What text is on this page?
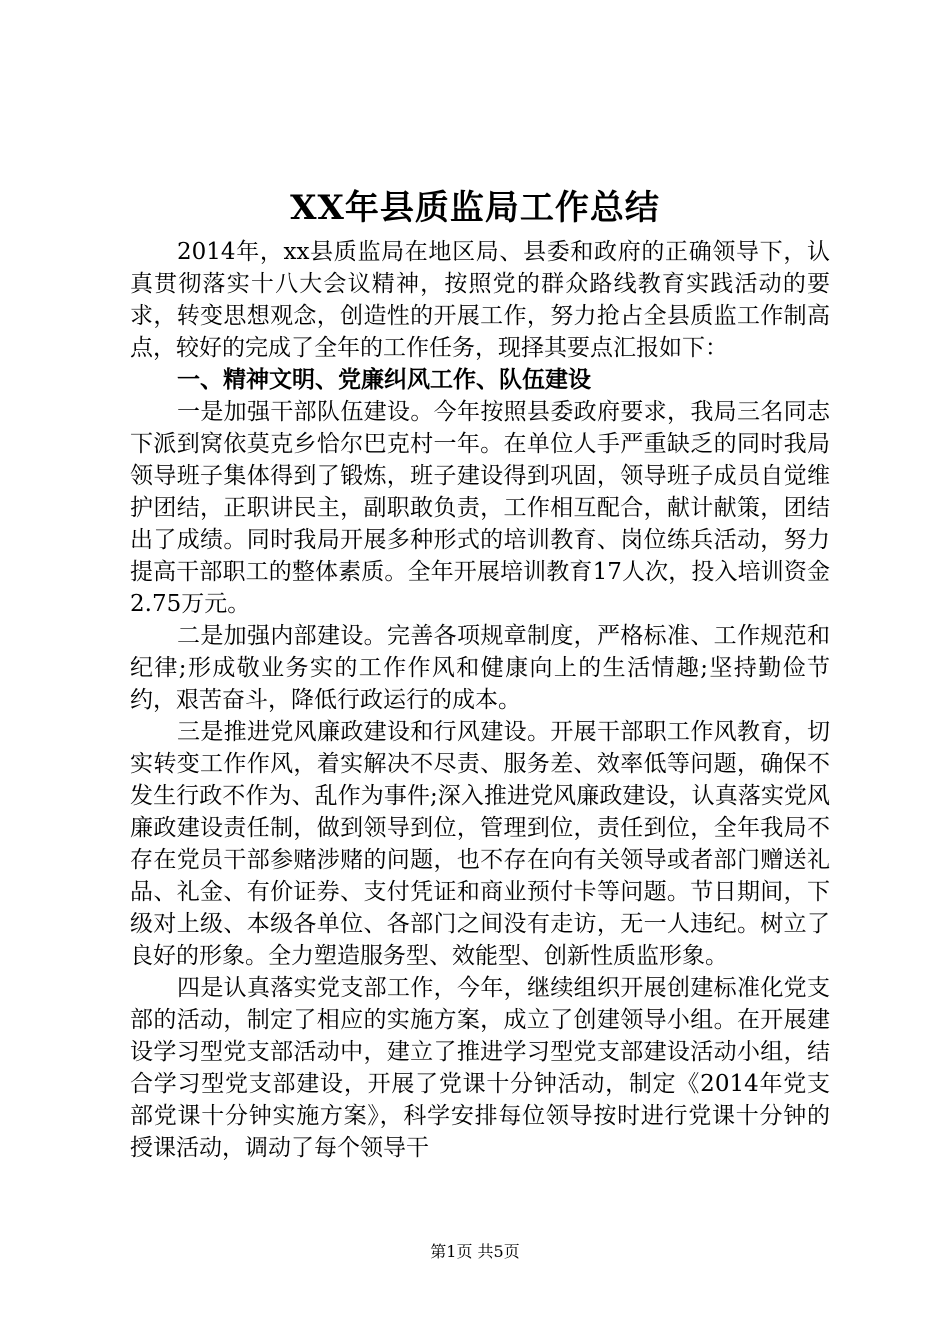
XX年县质监局工作总结

2014年，xx县质监局在地区局、县委和政府的正确领导下，认真贯彻落实十八大会议精神，按照党的群众路线教育实践活动的要求，转变思想观念，创造性的开展工作，努力抢占全县质监工作制高点，较好的完成了全年的工作任务，现择其要点汇报如下：

一、精神文明、党廉纠风工作、队伍建设

一是加强干部队伍建设。今年按照县委政府要求，我局三名同志下派到窝依莫克乡恰尔巴克村一年。在单位人手严重缺乏的同时我局领导班子集体得到了锻炼，班子建设得到巩固，领导班子成员自觉维护团结，正职讲民主，副职敢负责，工作相互配合，献计献策，团结出了成绩。同时我局开展多种形式的培训教育、岗位练兵活动，努力提高干部职工的整体素质。全年开展培训教育17人次，投入培训资金2.75万元。

二是加强内部建设。完善各项规章制度，严格标准、工作规范和纪律;形成敬业务实的工作作风和健康向上的生活情趣;坚持勤俭节约，艰苦奋斗，降低行政运行的成本。

三是推进党风廉政建设和行风建设。开展干部职工作风教育，切实转变工作作风，着实解决不尽责、服务差、效率低等问题，确保不发生行政不作为、乱作为事件;深入推进党风廉政建设，认真落实党风廉政建设责任制，做到领导到位，管理到位，责任到位，全年我局不存在党员干部参赌涉赌的问题，也不存在向有关领导或者部门赠送礼品、礼金、有价证券、支付凭证和商业预付卡等问题。节日期间，下级对上级、本级各单位、各部门之间没有走访，无一人违纪。树立了良好的形象。全力塑造服务型、效能型、创新性质监形象。

四是认真落实党支部工作，今年，继续组织开展创建标准化党支部的活动，制定了相应的实施方案，成立了创建领导小组。在开展建设学习型党支部活动中，建立了推进学习型党支部建设活动小组，结合学习型党支部建设，开展了党课十分钟活动，制定《2014年党支部党课十分钟实施方案》，科学安排每位领导按时进行党课十分钟的授课活动，调动了每个领导干

第1页 共5页
